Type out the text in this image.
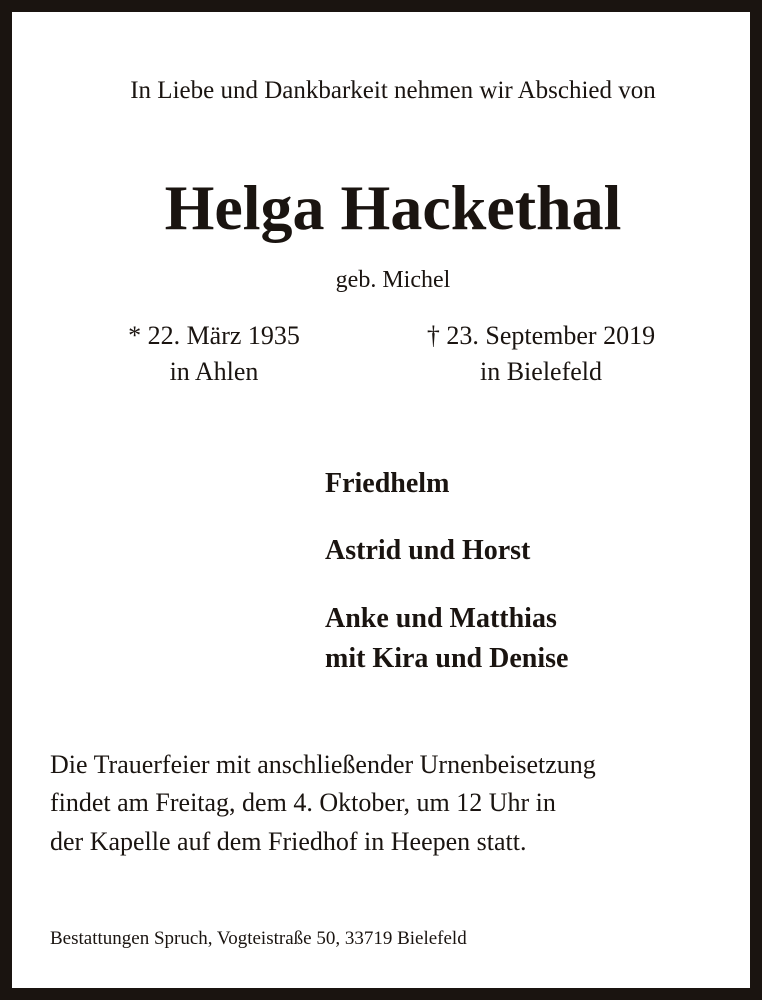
In Liebe und Dankbarkeit nehmen wir Abschied von
Helga Hackethal
geb. Michel
* 22. März 1935
in Ahlen
† 23. September 2019
in Bielefeld
Friedhelm
Astrid und Horst
Anke und Matthias
mit Kira und Denise
Die Trauerfeier mit anschließender Urnenbeisetzung
findet am Freitag, dem 4. Oktober, um 12 Uhr in
der Kapelle auf dem Friedhof in Heepen statt.
Bestattungen Spruch, Vogteistraße 50, 33719 Bielefeld
